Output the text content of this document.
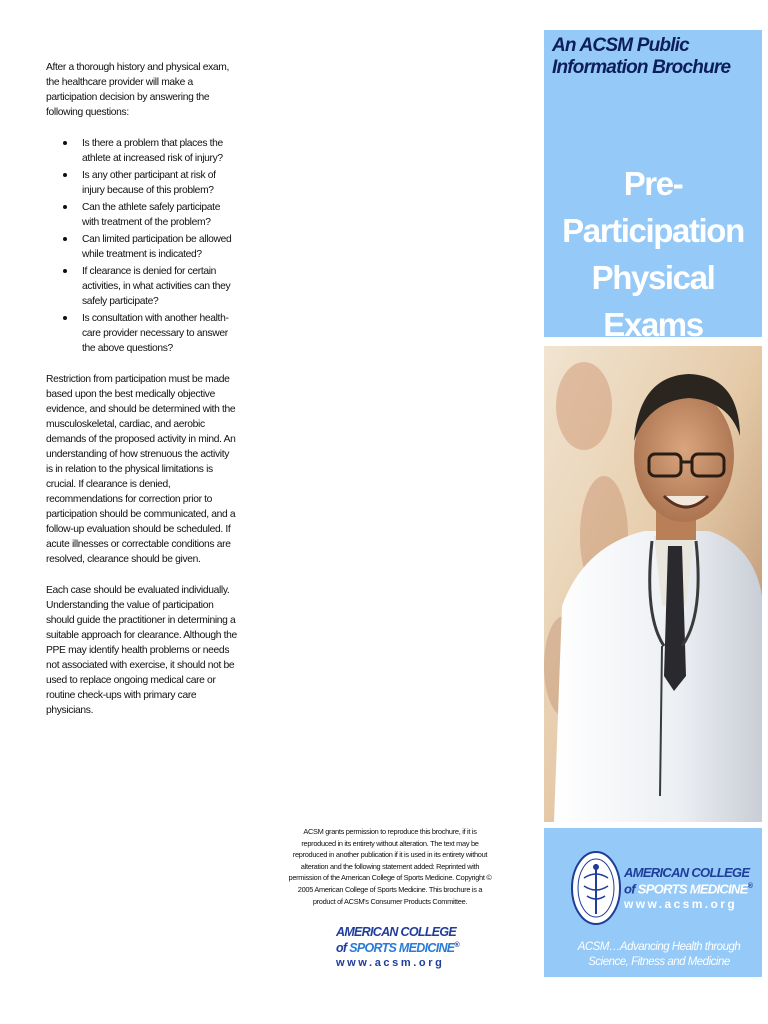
After a thorough history and physical exam, the healthcare provider will make a participation decision by answering the following questions:

Is there a problem that places the athlete at increased risk of injury?
Is any other participant at risk of injury because of this problem?
Can the athlete safely participate with treatment of the problem?
Can limited participation be allowed while treatment is indicated?
If clearance is denied for certain activities, in what activities can they safely participate?
Is consultation with another health-care provider necessary to answer the above questions?

Restriction from participation must be made based upon the best medically objective evidence, and should be determined with the musculoskeletal, cardiac, and aerobic demands of the proposed activity in mind. An understanding of how strenuous the activity is in relation to the physical limitations is crucial. If clearance is denied, recommendations for correction prior to participation should be communicated, and a follow-up evaluation should be scheduled. If acute illnesses or correctable conditions are resolved, clearance should be given.

Each case should be evaluated individually. Understanding the value of participation should guide the practitioner in determining a suitable approach for clearance. Although the PPE may identify health problems or needs not associated with exercise, it should not be used to replace ongoing medical care or routine check-ups with primary care physicians.

ACSM grants permission to reproduce this brochure, if it is reproduced in its entirety without alteration. The text may be reproduced in another publication if it is used in its entirety without alteration and the following statement added: Reprinted with permission of the American College of Sports Medicine. Copyright © 2005 American College of Sports Medicine. This brochure is a product of ACSM's Consumer Products Committee.
AMERICAN COLLEGE
of SPORTS MEDICINE®
www.acsm.org
An ACSM Public Information Brochure
Pre-Participation
Physical Exams
AMERICAN COLLEGE
of SPORTS MEDICINE®
www.acsm.org
ACSM…Advancing Health through
Science, Fitness and Medicine
